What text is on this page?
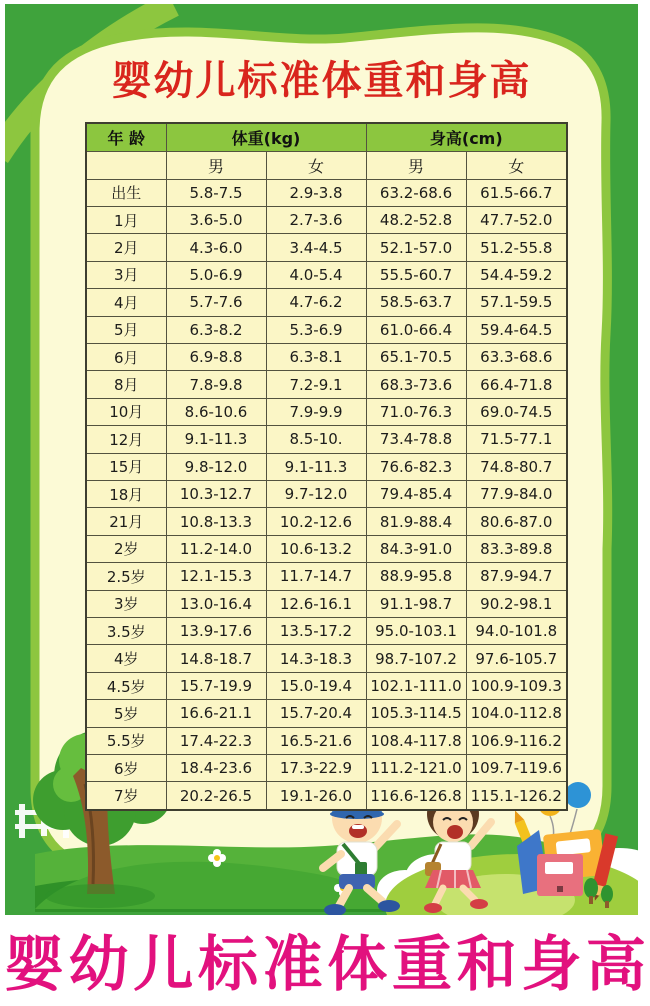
婴幼儿标准体重和身高
年 龄	体重(kg)		身高(cm)	
	男	女	男	女
出生	5.8-7.5	2.9-3.8	63.2-68.6	61.5-66.7
1月	3.6-5.0	2.7-3.6	48.2-52.8	47.7-52.0
2月	4.3-6.0	3.4-4.5	52.1-57.0	51.2-55.8
3月	5.0-6.9	4.0-5.4	55.5-60.7	54.4-59.2
4月	5.7-7.6	4.7-6.2	58.5-63.7	57.1-59.5
5月	6.3-8.2	5.3-6.9	61.0-66.4	59.4-64.5
6月	6.9-8.8	6.3-8.1	65.1-70.5	63.3-68.6
8月	7.8-9.8	7.2-9.1	68.3-73.6	66.4-71.8
10月	8.6-10.6	7.9-9.9	71.0-76.3	69.0-74.5
12月	9.1-11.3	8.5-10.	73.4-78.8	71.5-77.1
15月	9.8-12.0	9.1-11.3	76.6-82.3	74.8-80.7
18月	10.3-12.7	9.7-12.0	79.4-85.4	77.9-84.0
21月	10.8-13.3	10.2-12.6	81.9-88.4	80.6-87.0
2岁	11.2-14.0	10.6-13.2	84.3-91.0	83.3-89.8
2.5岁	12.1-15.3	11.7-14.7	88.9-95.8	87.9-94.7
3岁	13.0-16.4	12.6-16.1	91.1-98.7	90.2-98.1
3.5岁	13.9-17.6	13.5-17.2	95.0-103.1	94.0-101.8
4岁	14.8-18.7	14.3-18.3	98.7-107.2	97.6-105.7
4.5岁	15.7-19.9	15.0-19.4	102.1-111.0	100.9-109.3
5岁	16.6-21.1	15.7-20.4	105.3-114.5	104.0-112.8
5.5岁	17.4-22.3	16.5-21.6	108.4-117.8	106.9-116.2
6岁	18.4-23.6	17.3-22.9	111.2-121.0	109.7-119.6
7岁	20.2-26.5	19.1-26.0	116.6-126.8	115.1-126.2
婴 幼 儿 标 准 体 重 和 身 高
